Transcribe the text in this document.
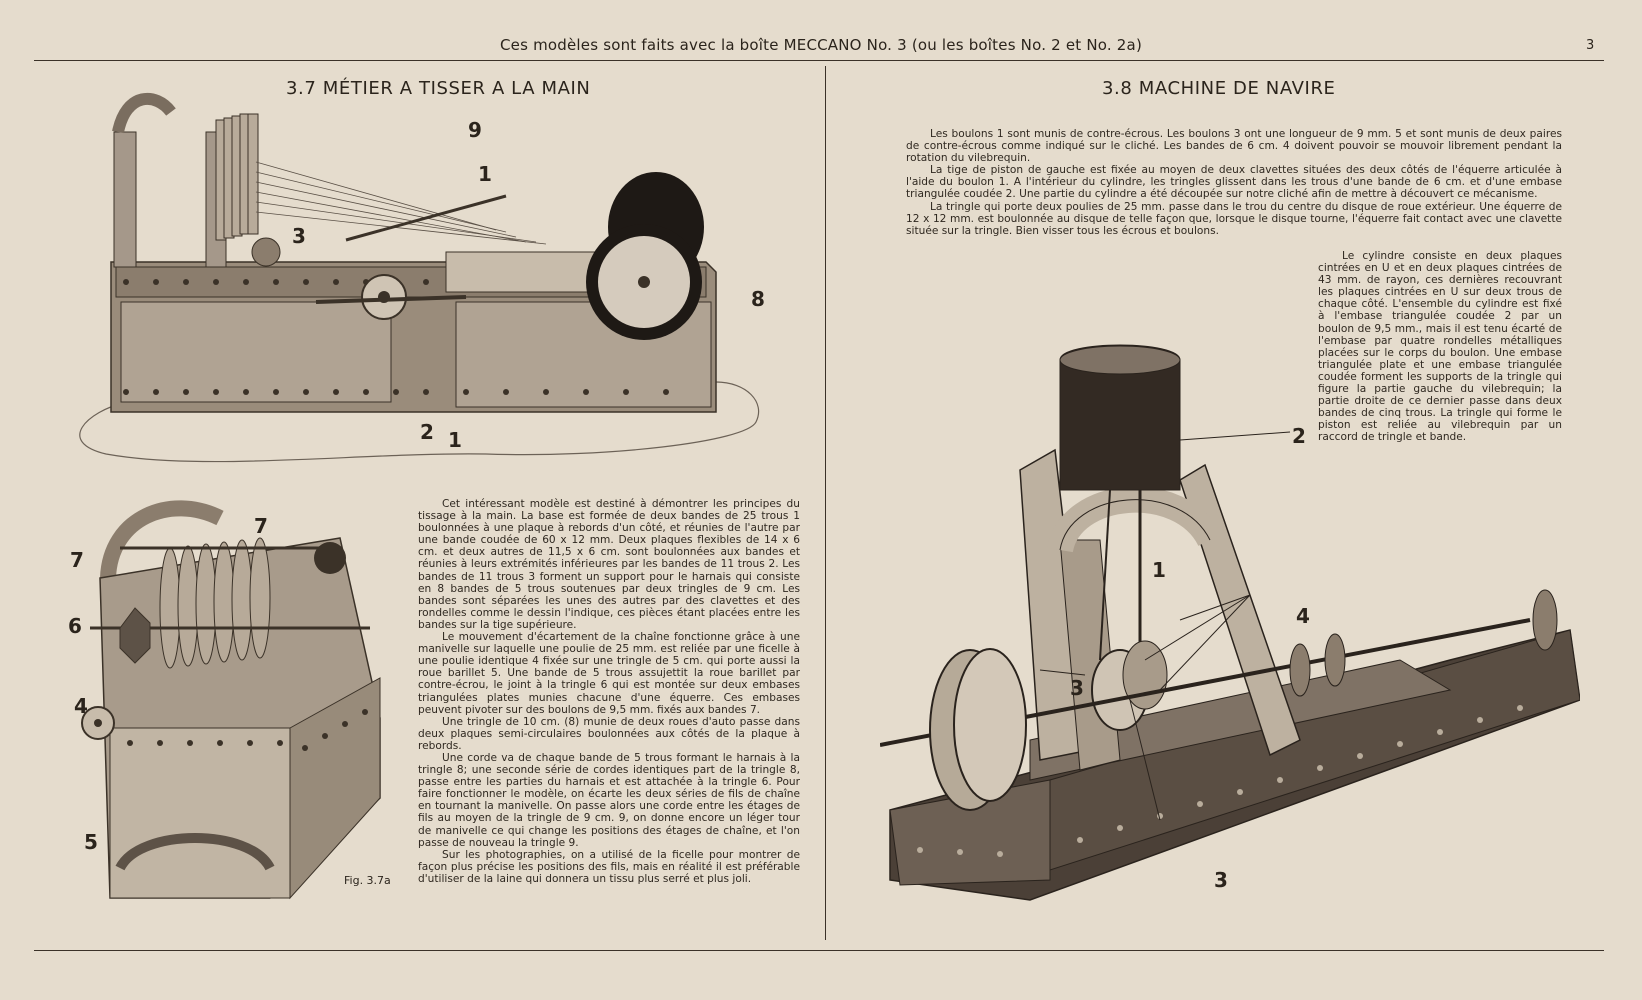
Ces modèles sont faits avec la boîte MECCANO No. 3 (ou les boîtes No. 2 et No. 2a)	3
3.7 MÉTIER A TISSER A LA MAIN
9
1
3
8
2 1
7
7
6
4
5
Fig. 3.7a

Cet intéressant modèle est destiné à démontrer les principes du tissage à la main. La base est formée de deux bandes de 25 trous 1 boulonnées à une plaque à rebords d'un côté, et réunies de l'autre par une bande coudée de 60 x 12 mm. Deux plaques flexibles de 14 x 6 cm. et deux autres de 11,5 x 6 cm. sont boulonnées aux bandes et réunies à leurs extrémités inférieures par les bandes de 11 trous 2. Les bandes de 11 trous 3 forment un support pour le harnais qui consiste en 8 bandes de 5 trous soutenues par deux tringles de 9 cm. Les bandes sont séparées les unes des autres par des clavettes et des rondelles comme le dessin l'indique, ces pièces étant placées entre les bandes sur la tige supérieure.

Le mouvement d'écartement de la chaîne fonctionne grâce à une manivelle sur laquelle une poulie de 25 mm. est reliée par une ficelle à une poulie identique 4 fixée sur une tringle de 5 cm. qui porte aussi la roue barillet 5. Une bande de 5 trous assujettit la roue barillet par contre-écrou, le joint à la tringle 6 qui est montée sur deux embases triangulées plates munies chacune d'une équerre. Ces embases peuvent pivoter sur des boulons de 9,5 mm. fixés aux bandes 7.

Une tringle de 10 cm. (8) munie de deux roues d'auto passe dans deux plaques semi-circulaires boulonnées aux côtés de la plaque à rebords.

Une corde va de chaque bande de 5 trous formant le harnais à la tringle 8; une seconde série de cordes identiques part de la tringle 8, passe entre les parties du harnais et est attachée à la tringle 6. Pour faire fonctionner le modèle, on écarte les deux séries de fils de chaîne en tournant la manivelle. On passe alors une corde entre les étages de fils au moyen de la tringle de 9 cm. 9, on donne encore un léger tour de manivelle ce qui change les positions des étages de chaîne, et l'on passe de nouveau la tringle 9.

Sur les photographies, on a utilisé de la ficelle pour montrer de façon plus précise les positions des fils, mais en réalité il est préférable d'utiliser de la laine qui donnera un tissu plus serré et plus joli.

3.8 MACHINE DE NAVIRE

Les boulons 1 sont munis de contre-écrous. Les boulons 3 ont une longueur de 9 mm. 5 et sont munis de deux paires de contre-écrous comme indiqué sur le cliché. Les bandes de 6 cm. 4 doivent pouvoir se mouvoir librement pendant la rotation du vilebrequin.

La tige de piston de gauche est fixée au moyen de deux clavettes situées des deux côtés de l'équerre articulée à l'aide du boulon 1. A l'intérieur du cylindre, les tringles glissent dans les trous d'une bande de 6 cm. et d'une embase triangulée coudée 2. Une partie du cylindre a été découpée sur notre cliché afin de mettre à découvert ce mécanisme.

La tringle qui porte deux poulies de 25 mm. passe dans le trou du centre du disque de roue extérieur. Une équerre de 12 x 12 mm. est boulonnée au disque de telle façon que, lorsque le disque tourne, l'équerre fait contact avec une clavette située sur la tringle. Bien visser tous les écrous et boulons.

Le cylindre consiste en deux plaques cintrées en U et en deux plaques cintrées de 43 mm. de rayon, ces dernières recouvrant les plaques cintrées en U sur deux trous de chaque côté. L'ensemble du cylindre est fixé à l'embase triangulée coudée 2 par un boulon de 9,5 mm., mais il est tenu écarté de l'embase par quatre rondelles métalliques placées sur le corps du boulon. Une embase triangulée plate et une embase triangulée coudée forment les supports de la tringle qui figure la partie gauche du vilebrequin; la partie droite de ce dernier passe dans deux bandes de cinq trous. La tringle qui forme le piston est reliée au vilebrequin par un raccord de tringle et bande.

2
1
4
3
3
